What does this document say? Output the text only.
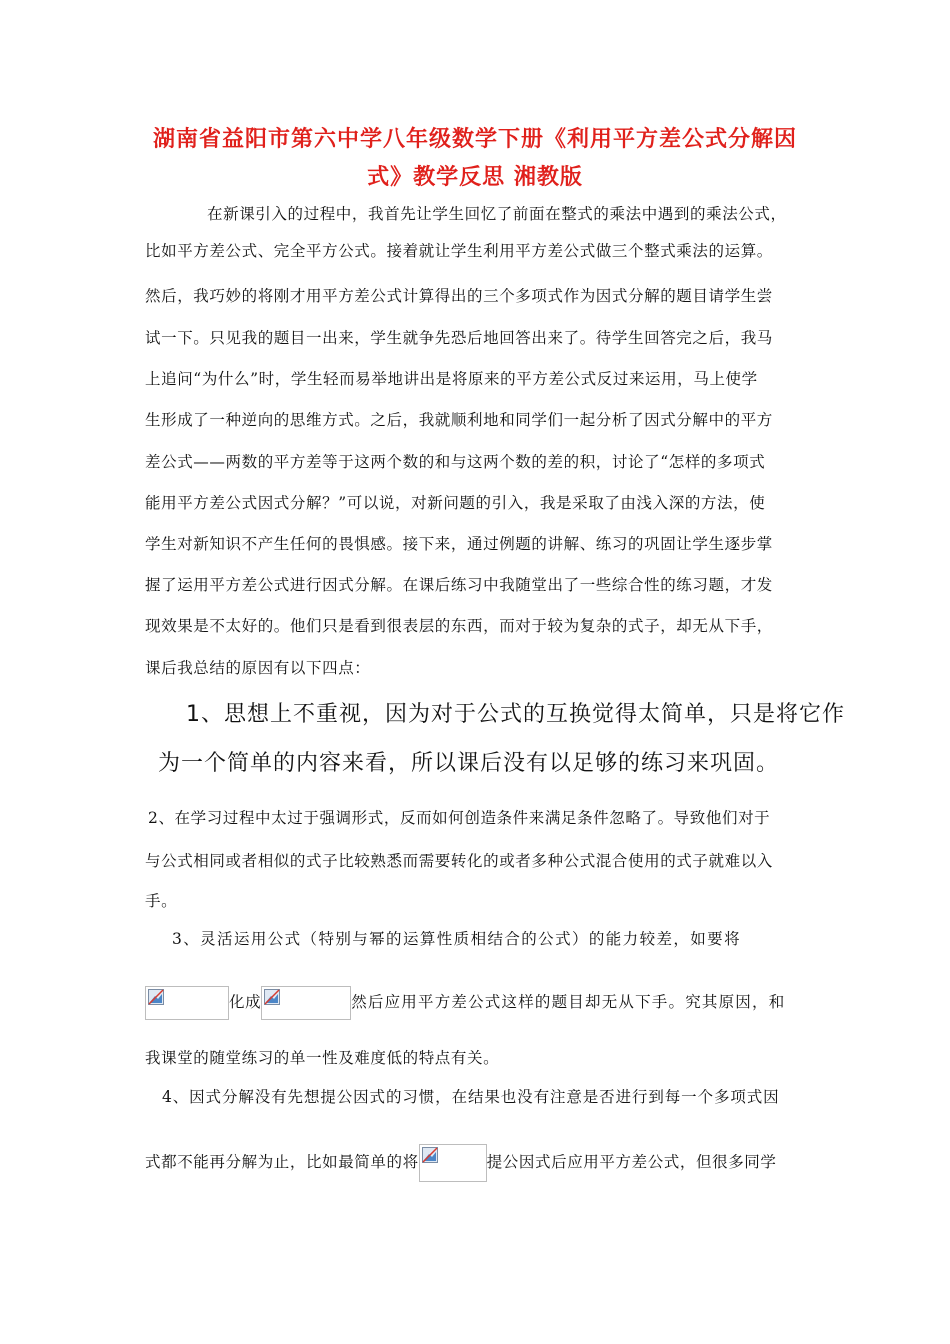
湖南省益阳市第六中学八年级数学下册《利用平方差公式分解因
式》教学反思 湘教版
在新课引入的过程中，我首先让学生回忆了前面在整式的乘法中遇到的乘法公式，
比如平方差公式、完全平方公式。接着就让学生利用平方差公式做三个整式乘法的运算。
然后，我巧妙的将刚才用平方差公式计算得出的三个多项式作为因式分解的题目请学生尝
试一下。只见我的题目一出来，学生就争先恐后地回答出来了。待学生回答完之后，我马
上追问“为什么”时，学生轻而易举地讲出是将原来的平方差公式反过来运用，马上使学
生形成了一种逆向的思维方式。之后，我就顺利地和同学们一起分析了因式分解中的平方
差公式——两数的平方差等于这两个数的和与这两个数的差的积，讨论了“怎样的多项式
能用平方差公式因式分解？”可以说，对新问题的引入，我是采取了由浅入深的方法，使
学生对新知识不产生任何的畏惧感。接下来，通过例题的讲解、练习的巩固让学生逐步掌
握了运用平方差公式进行因式分解。在课后练习中我随堂出了一些综合性的练习题，才发
现效果是不太好的。他们只是看到很表层的东西，而对于较为复杂的式子，却无从下手，
课后我总结的原因有以下四点：
1、思想上不重视，因为对于公式的互换觉得太简单，只是将它作
为一个简单的内容来看，所以课后没有以足够的练习来巩固。
2、在学习过程中太过于强调形式，反而如何创造条件来满足条件忽略了。导致他们对于
与公式相同或者相似的式子比较熟悉而需要转化的或者多种公式混合使用的式子就难以入
手。
3、灵活运用公式（特别与幂的运算性质相结合的公式）的能力较差，如要将
化成	然后应用平方差公式这样的题目却无从下手。究其原因，和
我课堂的随堂练习的单一性及难度低的特点有关。
4、因式分解没有先想提公因式的习惯，在结果也没有注意是否进行到每一个多项式因
式都不能再分解为止，比如最简单的将	提公因式后应用平方差公式，但很多同学
